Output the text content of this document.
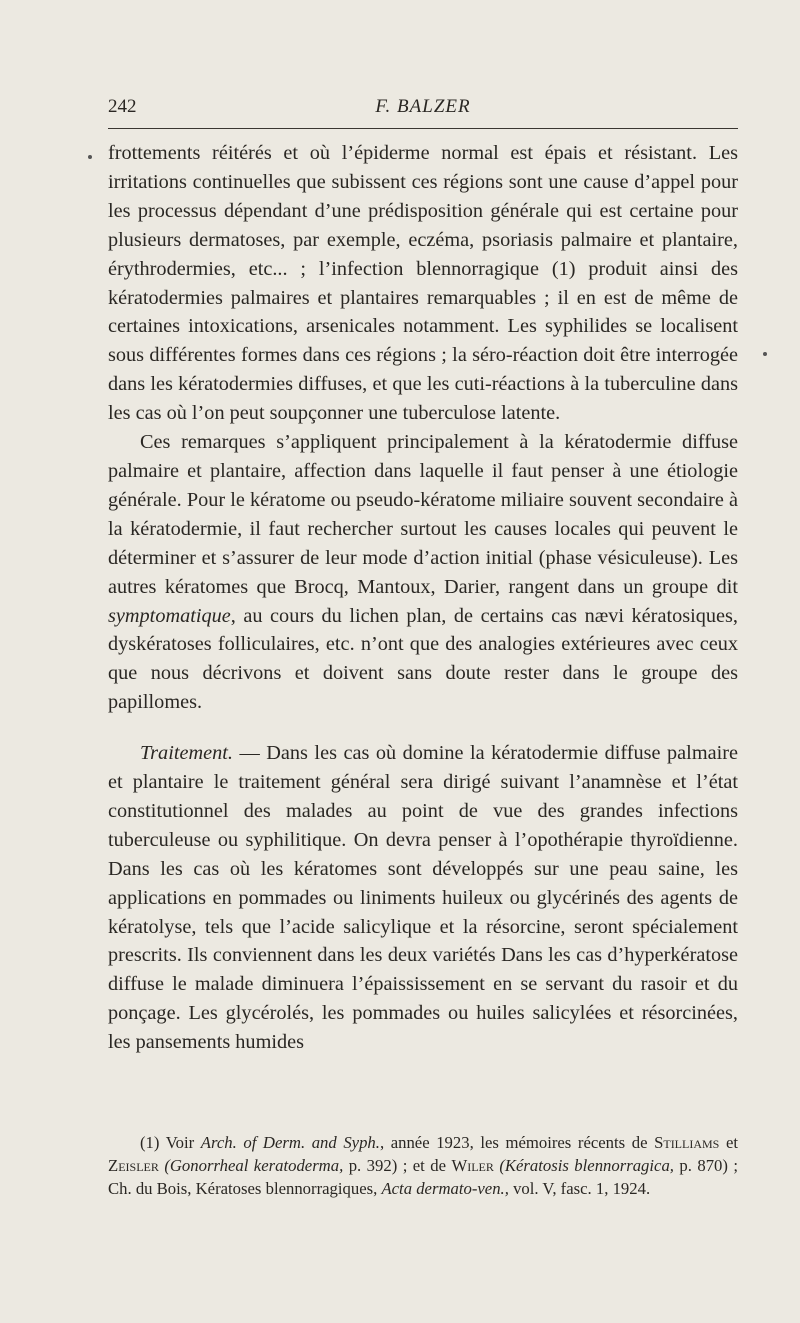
242	F. BALZER

frottements réitérés et où l’épiderme normal est épais et résistant. Les irritations continuelles que subissent ces régions sont une cause d’appel pour les processus dépendant d’une prédisposition générale qui est certaine pour plusieurs dermatoses, par exemple, eczéma, psoriasis palmaire et plantaire, érythrodermies, etc... ; l’infection blennorragique (1) produit ainsi des kératodermies palmaires et plantaires remarquables ; il en est de même de certaines intoxications, arsenicales notamment. Les syphilides se localisent sous différentes formes dans ces régions ; la séro-réaction doit être interrogée dans les kératodermies diffuses, et que les cuti-réactions à la tuberculine dans les cas où l’on peut soupçonner une tuberculose latente.

Ces remarques s’appliquent principalement à la kératodermie diffuse palmaire et plantaire, affection dans laquelle il faut penser à une étiologie générale. Pour le kératome ou pseudo-kératome miliaire souvent secondaire à la kératodermie, il faut rechercher surtout les causes locales qui peuvent le déterminer et s’assurer de leur mode d’action initial (phase vésiculeuse). Les autres kératomes que Brocq, Mantoux, Darier, rangent dans un groupe dit symptomatique, au cours du lichen plan, de certains cas nævi kératosiques, dyskératoses folliculaires, etc. n’ont que des analogies extérieures avec ceux que nous décrivons et doivent sans doute rester dans le groupe des papillomes.

Traitement. — Dans les cas où domine la kératodermie diffuse palmaire et plantaire le traitement général sera dirigé suivant l’anamnèse et l’état constitutionnel des malades au point de vue des grandes infections tuberculeuse ou syphilitique. On devra penser à l’opothérapie thyroïdienne. Dans les cas où les kératomes sont développés sur une peau saine, les applications en pommades ou liniments huileux ou glycérinés des agents de kératolyse, tels que l’acide salicylique et la résorcine, seront spécialement prescrits. Ils conviennent dans les deux variétés Dans les cas d’hyperkératose diffuse le malade diminuera l’épaississement en se servant du rasoir et du ponçage. Les glycérolés, les pommades ou huiles salicylées et résorcinées, les pansements humides

(1) Voir Arch. of Derm. and Syph., année 1923, les mémoires récents de Stilliams et Zeisler (Gonorrheal keratoderma, p. 392) ; et de Wiler (Kératosis blennorragica, p. 870) ; Ch. du Bois, Kératoses blennorragiques, Acta dermato-ven., vol. V, fasc. 1, 1924.
